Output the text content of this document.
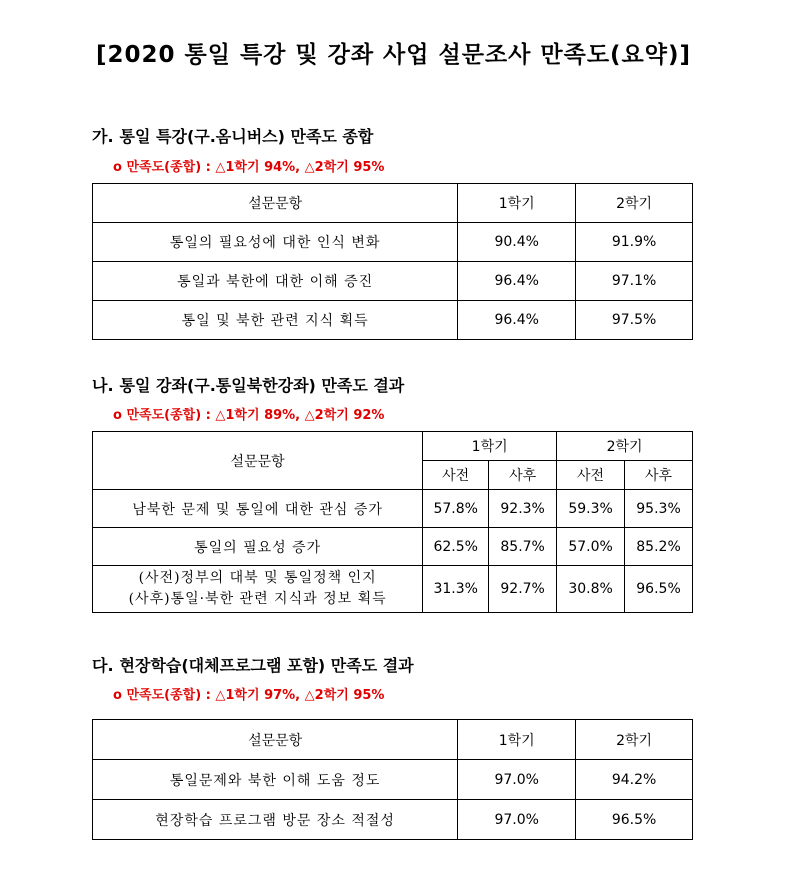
[2020 통일 특강 및 강좌 사업 설문조사 만족도(요약)]
가. 통일 특강(구.옴니버스) 만족도 종합
o 만족도(종합) : △1학기 94%, △2학기 95%
설문문항	1학기	2학기
통일의 필요성에 대한 인식 변화	90.4%	91.9%
통일과 북한에 대한 이해 증진	96.4%	97.1%
통일 및 북한 관련 지식 획득	96.4%	97.5%
나. 통일 강좌(구.통일북한강좌) 만족도 결과
o 만족도(종합) : △1학기 89%, △2학기 92%
설문문항	1학기		2학기	
	사전	사후	사전	사후
남북한 문제 및 통일에 대한 관심 증가	57.8%	92.3%	59.3%	95.3%
통일의 필요성 증가	62.5%	85.7%	57.0%	85.2%

(사전)정부의 대북 및 통일정책 인지
(사후)통일·북한 관련 지식과 정보 획득	31.3%	92.7%	30.8%	96.5%
다. 현장학습(대체프로그램 포함) 만족도 결과
o 만족도(종합) : △1학기 97%, △2학기 95%
설문문항	1학기	2학기
통일문제와 북한 이해 도움 정도	97.0%	94.2%
현장학습 프로그램 방문 장소 적절성	97.0%	96.5%
